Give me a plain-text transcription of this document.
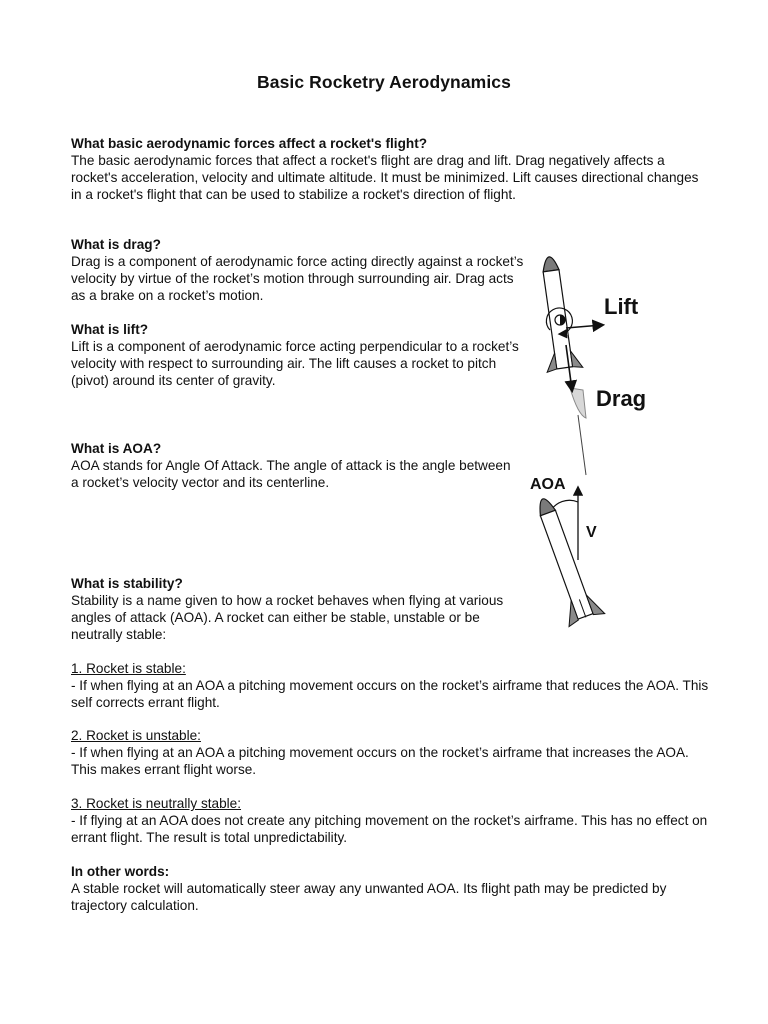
Basic Rocketry Aerodynamics

What basic aerodynamic forces affect a rocket's flight?

The basic aerodynamic forces that affect a rocket's flight are drag and lift. Drag negatively affects a rocket's acceleration, velocity and ultimate altitude. It must be minimized. Lift causes directional changes in a rocket's flight that can be used to stabilize a rocket's direction of flight.

What is drag?

Drag is a component of aerodynamic force acting directly against a rocket’s velocity by virtue of the rocket’s motion through surrounding air. Drag acts as a brake on a rocket’s motion.

What is lift?

Lift is a component of aerodynamic force acting perpendicular to a rocket’s velocity with respect to surrounding air. The lift causes a rocket to pitch (pivot) around its center of gravity.

What is AOA?

AOA stands for Angle Of Attack. The angle of attack is the angle between a rocket’s velocity vector and its centerline.

What is stability?

Stability is a name given to how a rocket behaves when flying at various angles of attack (AOA). A rocket can either be stable, unstable or be neutrally stable:

1. Rocket is stable:

- If when flying at an AOA a pitching movement occurs on the rocket’s airframe that reduces the AOA. This self corrects errant flight.

2. Rocket is unstable:

- If when flying at an AOA a pitching movement occurs on the rocket’s airframe that increases the AOA. This makes errant flight worse.

3. Rocket is neutrally stable:

- If flying at an AOA does not create any pitching movement on the rocket’s airframe. This has no effect on errant flight. The result is total unpredictability.

In other words:

A stable rocket will automatically steer away any unwanted AOA. Its flight path may be predicted by trajectory calculation.

Lift
Drag
AOA
V
